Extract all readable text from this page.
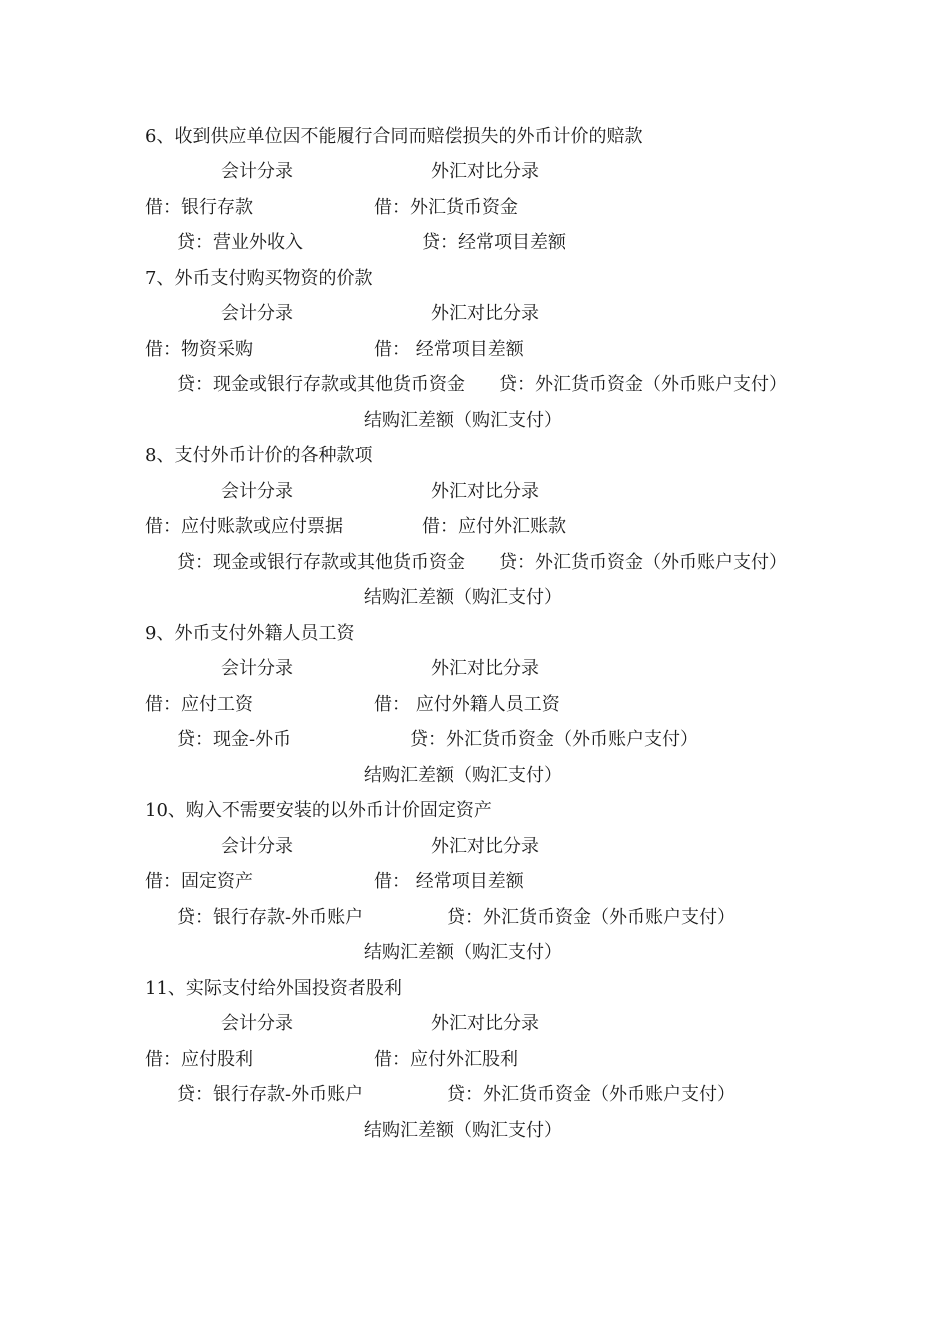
6、收到供应单位因不能履行合同而赔偿损失的外币计价的赔款
会计分录	外汇对比分录
借：银行存款	借：外汇货币资金
贷：营业外收入	贷：经常项目差额
7、外币支付购买物资的价款
会计分录	外汇对比分录
借：物资采购	借： 经常项目差额
贷：现金或银行存款或其他货币资金 贷：外汇货币资金（外币账户支付）
结购汇差额（购汇支付）
8、支付外币计价的各种款项
会计分录	外汇对比分录
借：应付账款或应付票据	借：应付外汇账款
贷：现金或银行存款或其他货币资金 贷：外汇货币资金（外币账户支付）
结购汇差额（购汇支付）
9、外币支付外籍人员工资
会计分录	外汇对比分录
借：应付工资	借： 应付外籍人员工资
贷：现金-外币	贷：外汇货币资金（外币账户支付）
结购汇差额（购汇支付）
10、购入不需要安装的以外币计价固定资产
会计分录	外汇对比分录
借：固定资产	借： 经常项目差额
贷：银行存款-外币账户	贷：外汇货币资金（外币账户支付）
结购汇差额（购汇支付）
11、实际支付给外国投资者股利
会计分录	外汇对比分录
借：应付股利	借：应付外汇股利
贷：银行存款-外币账户	贷：外汇货币资金（外币账户支付）
结购汇差额（购汇支付）
